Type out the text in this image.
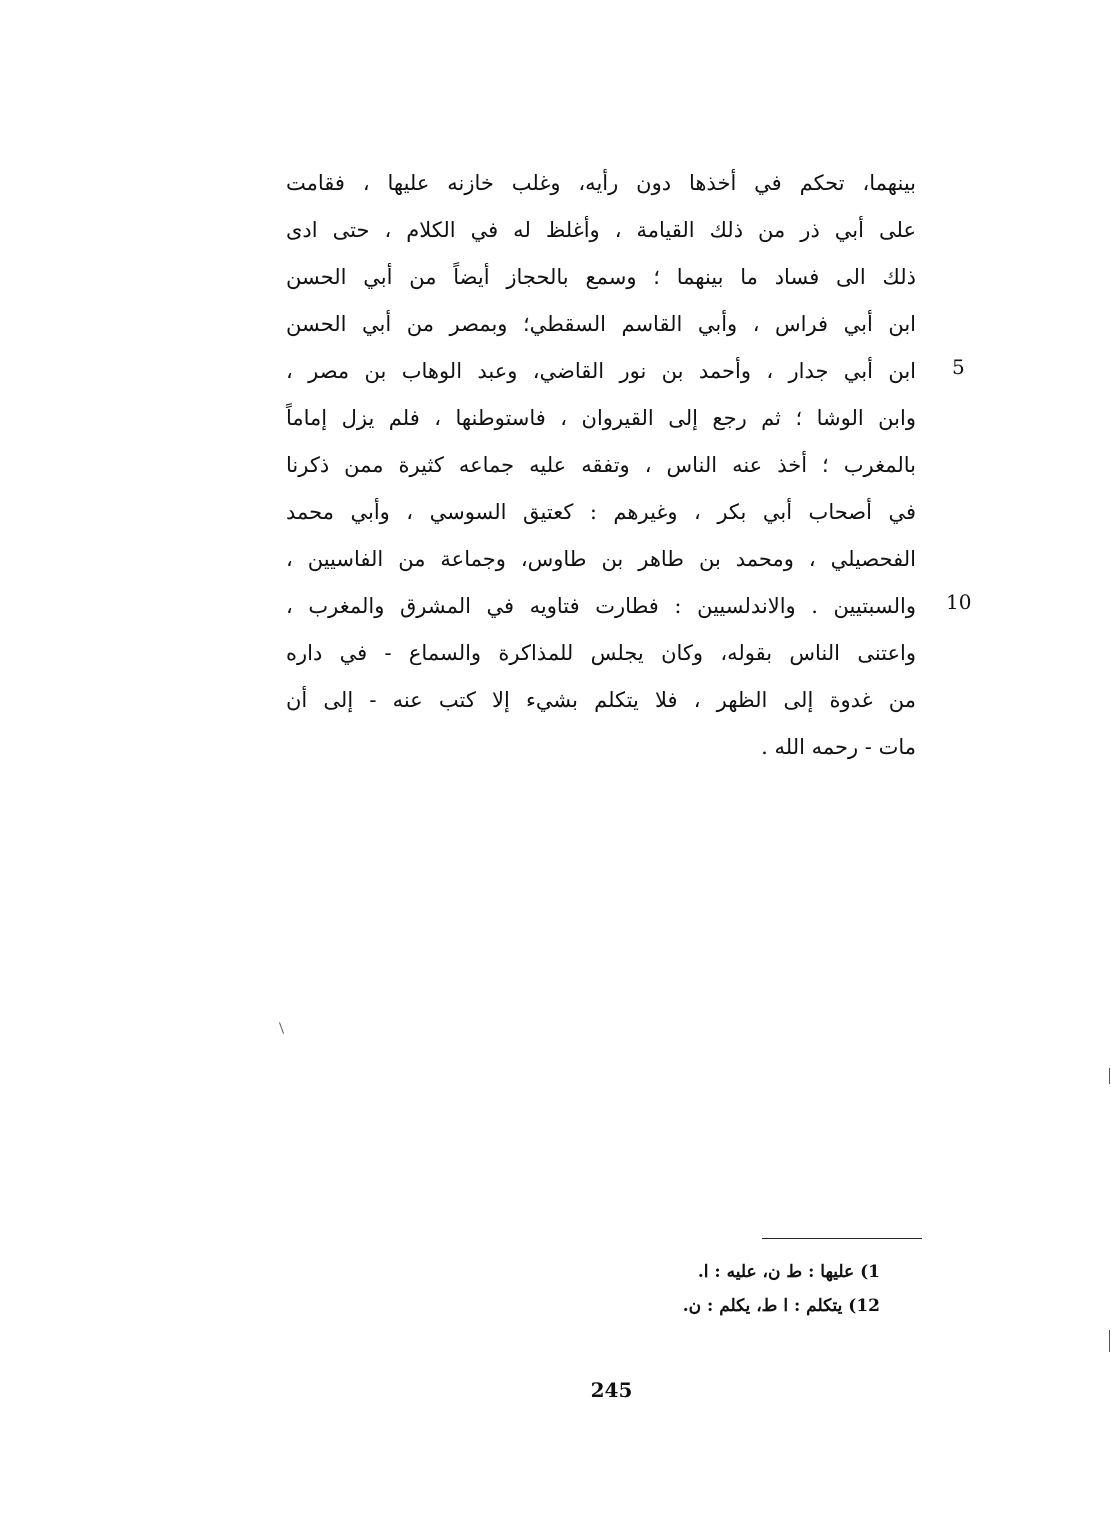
بينهما، تحكم في أخذها دون رأيه، وغلب خازنه عليها ، فقامت
على أبي ذر من ذلك القيامة ، وأغلظ له في الكلام ، حتى ادى
ذلك الى فساد ما بينهما ؛ وسمع بالحجاز أيضاً من أبي الحسن
ابن أبي فراس ، وأبي القاسم السقطي؛ وبمصر من أبي الحسن
ابن أبي جدار ، وأحمد بن نور القاضي، وعبد الوهاب بن مصر ،
وابن الوشا ؛ ثم رجع إلى القيروان ، فاستوطنها ، فلم يزل إماماً
بالمغرب ؛ أخذ عنه الناس ، وتفقه عليه جماعه كثيرة ممن ذكرنا
في أصحاب أبي بكر ، وغيرهم : كعتيق السوسي ، وأبي محمد
الفحصيلي ، ومحمد بن طاهر بن طاوس، وجماعة من الفاسيين ،
والسبتيين . والاندلسيين : فطارت فتاويه في المشرق والمغرب ،
واعتنى الناس بقوله، وكان يجلس للمذاكرة والسماع - في داره
من غدوة إلى الظهر ، فلا يتكلم بشيء إلا كتب عنه - إلى أن
مات - رحمه الله .
5
10
1) عليها : ط ن، عليه : ا.
12) يتكلم : ا ط، يكلم : ن.
245
